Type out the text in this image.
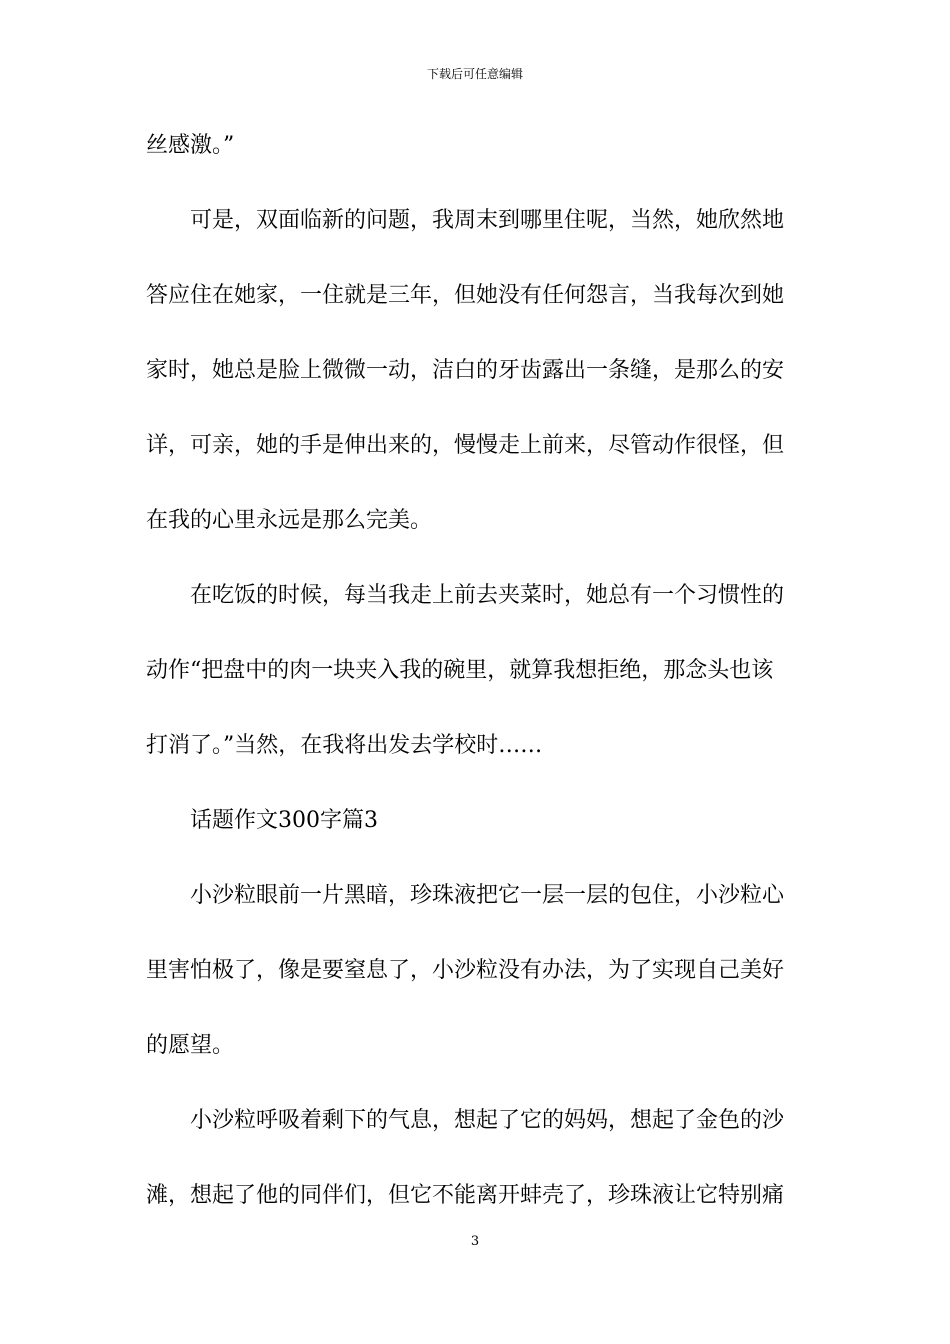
下载后可任意编辑
丝感激。”
可是，双面临新的问题，我周末到哪里住呢，当然，她欣然地
答应住在她家，一住就是三年，但她没有任何怨言，当我每次到她
家时，她总是脸上微微一动，洁白的牙齿露出一条缝，是那么的安
详，可亲，她的手是伸出来的，慢慢走上前来，尽管动作很怪，但
在我的心里永远是那么完美。
在吃饭的时候，每当我走上前去夹菜时，她总有一个习惯性的
动作“把盘中的肉一块夹入我的碗里，就算我想拒绝，那念头也该
打消了。”当然，在我将出发去学校时……
话题作文300字篇3
小沙粒眼前一片黑暗，珍珠液把它一层一层的包住，小沙粒心
里害怕极了，像是要窒息了，小沙粒没有办法，为了实现自己美好
的愿望。
小沙粒呼吸着剩下的气息，想起了它的妈妈，想起了金色的沙
滩，想起了他的同伴们，但它不能离开蚌壳了，珍珠液让它特别痛
3
